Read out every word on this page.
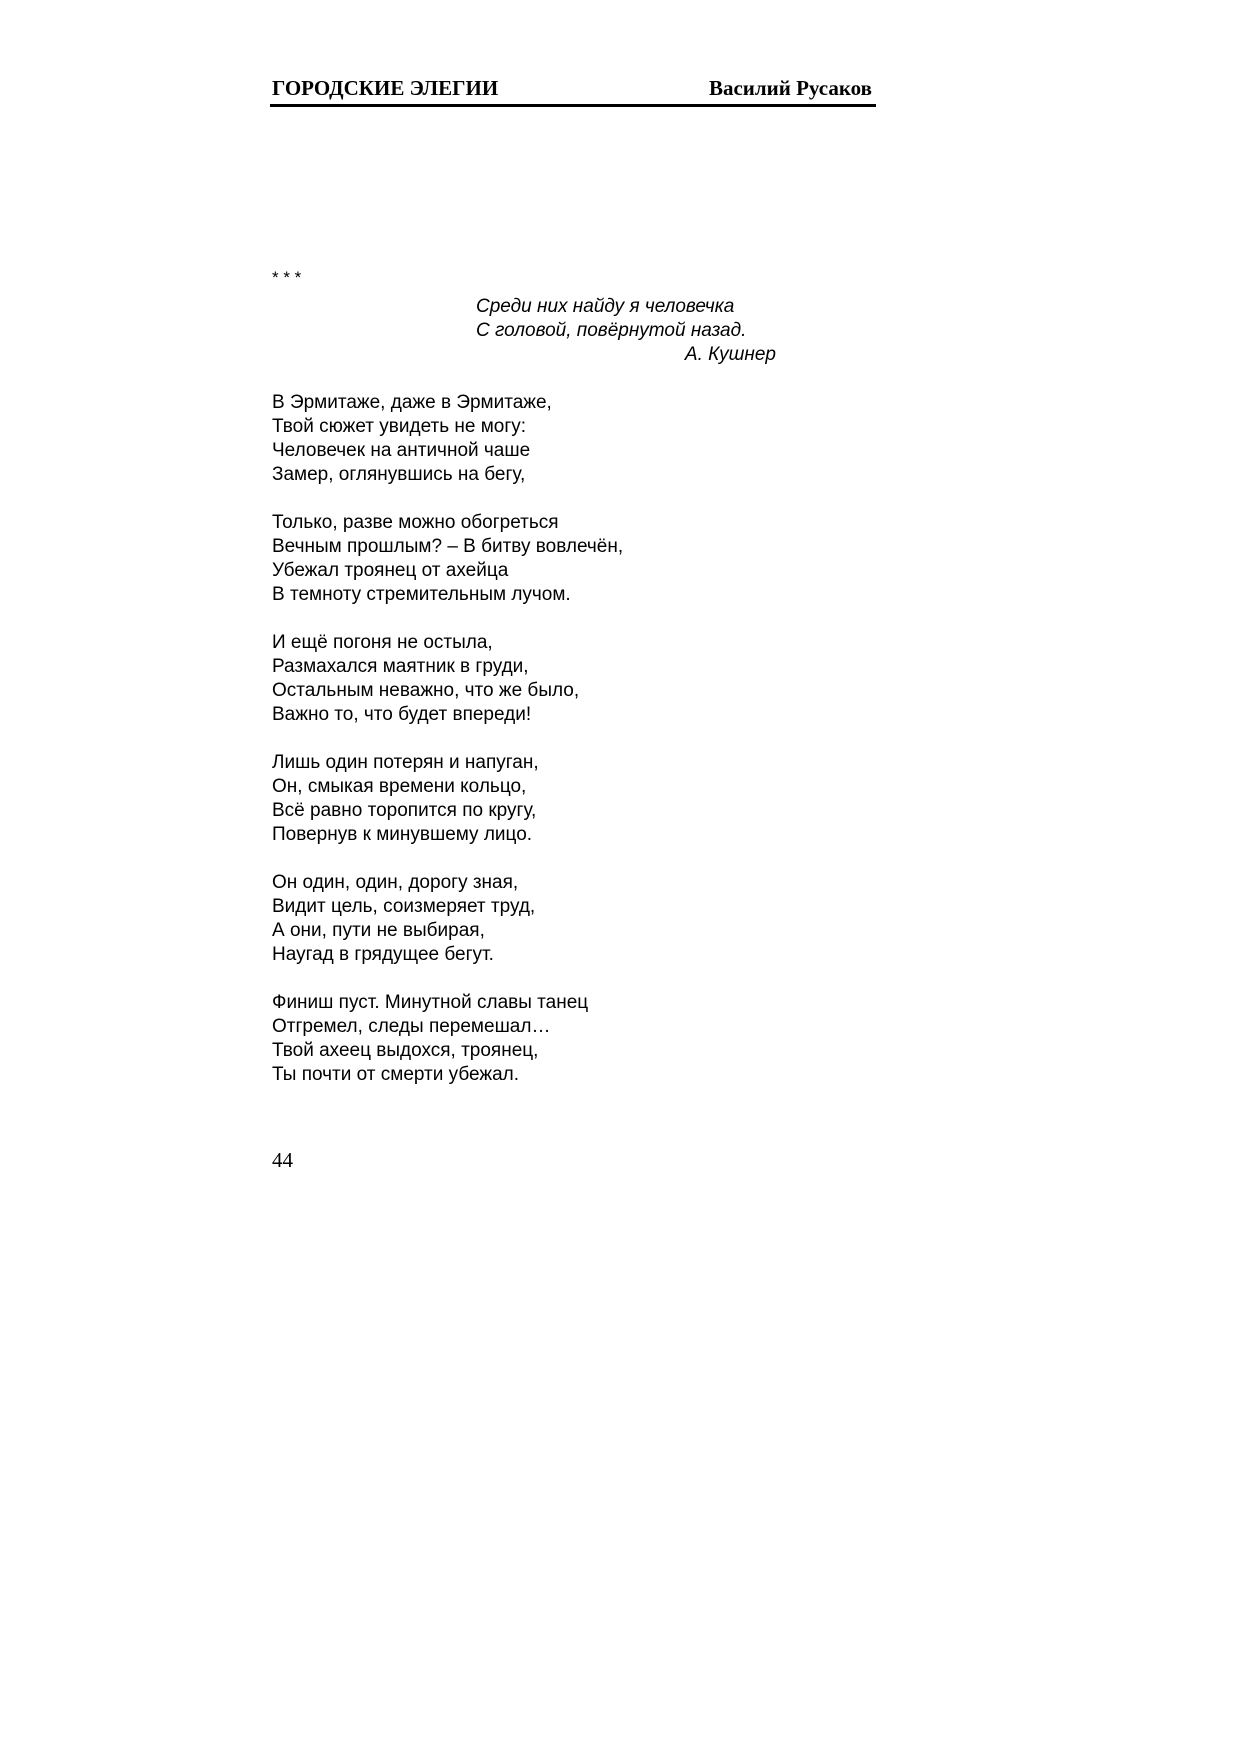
ГОРОДСКИЕ ЭЛЕГИИ	Василий Русаков
* * *
Среди них найду я человечка
С головой, повёрнутой назад.
А. Кушнер
В Эрмитаже, даже в Эрмитаже,
Твой сюжет увидеть не могу:
Человечек на античной чаше
Замер, оглянувшись на бегу,
Только, разве можно обогреться
Вечным прошлым? – В битву вовлечён,
Убежал троянец от ахейца
В темноту стремительным лучом.
И ещё погоня не остыла,
Размахался маятник в груди,
Остальным неважно, что же было,
Важно то, что будет впереди!
Лишь один потерян и напуган,
Он, смыкая времени кольцо,
Всё равно торопится по кругу,
Повернув к минувшему лицо.
Он один, один, дорогу зная,
Видит цель, соизмеряет труд,
А они, пути не выбирая,
Наугад в грядущее бегут.
Финиш пуст. Минутной славы танец
Отгремел, следы перемешал…
Твой ахеец выдохся, троянец,
Ты почти от смерти убежал.
44
